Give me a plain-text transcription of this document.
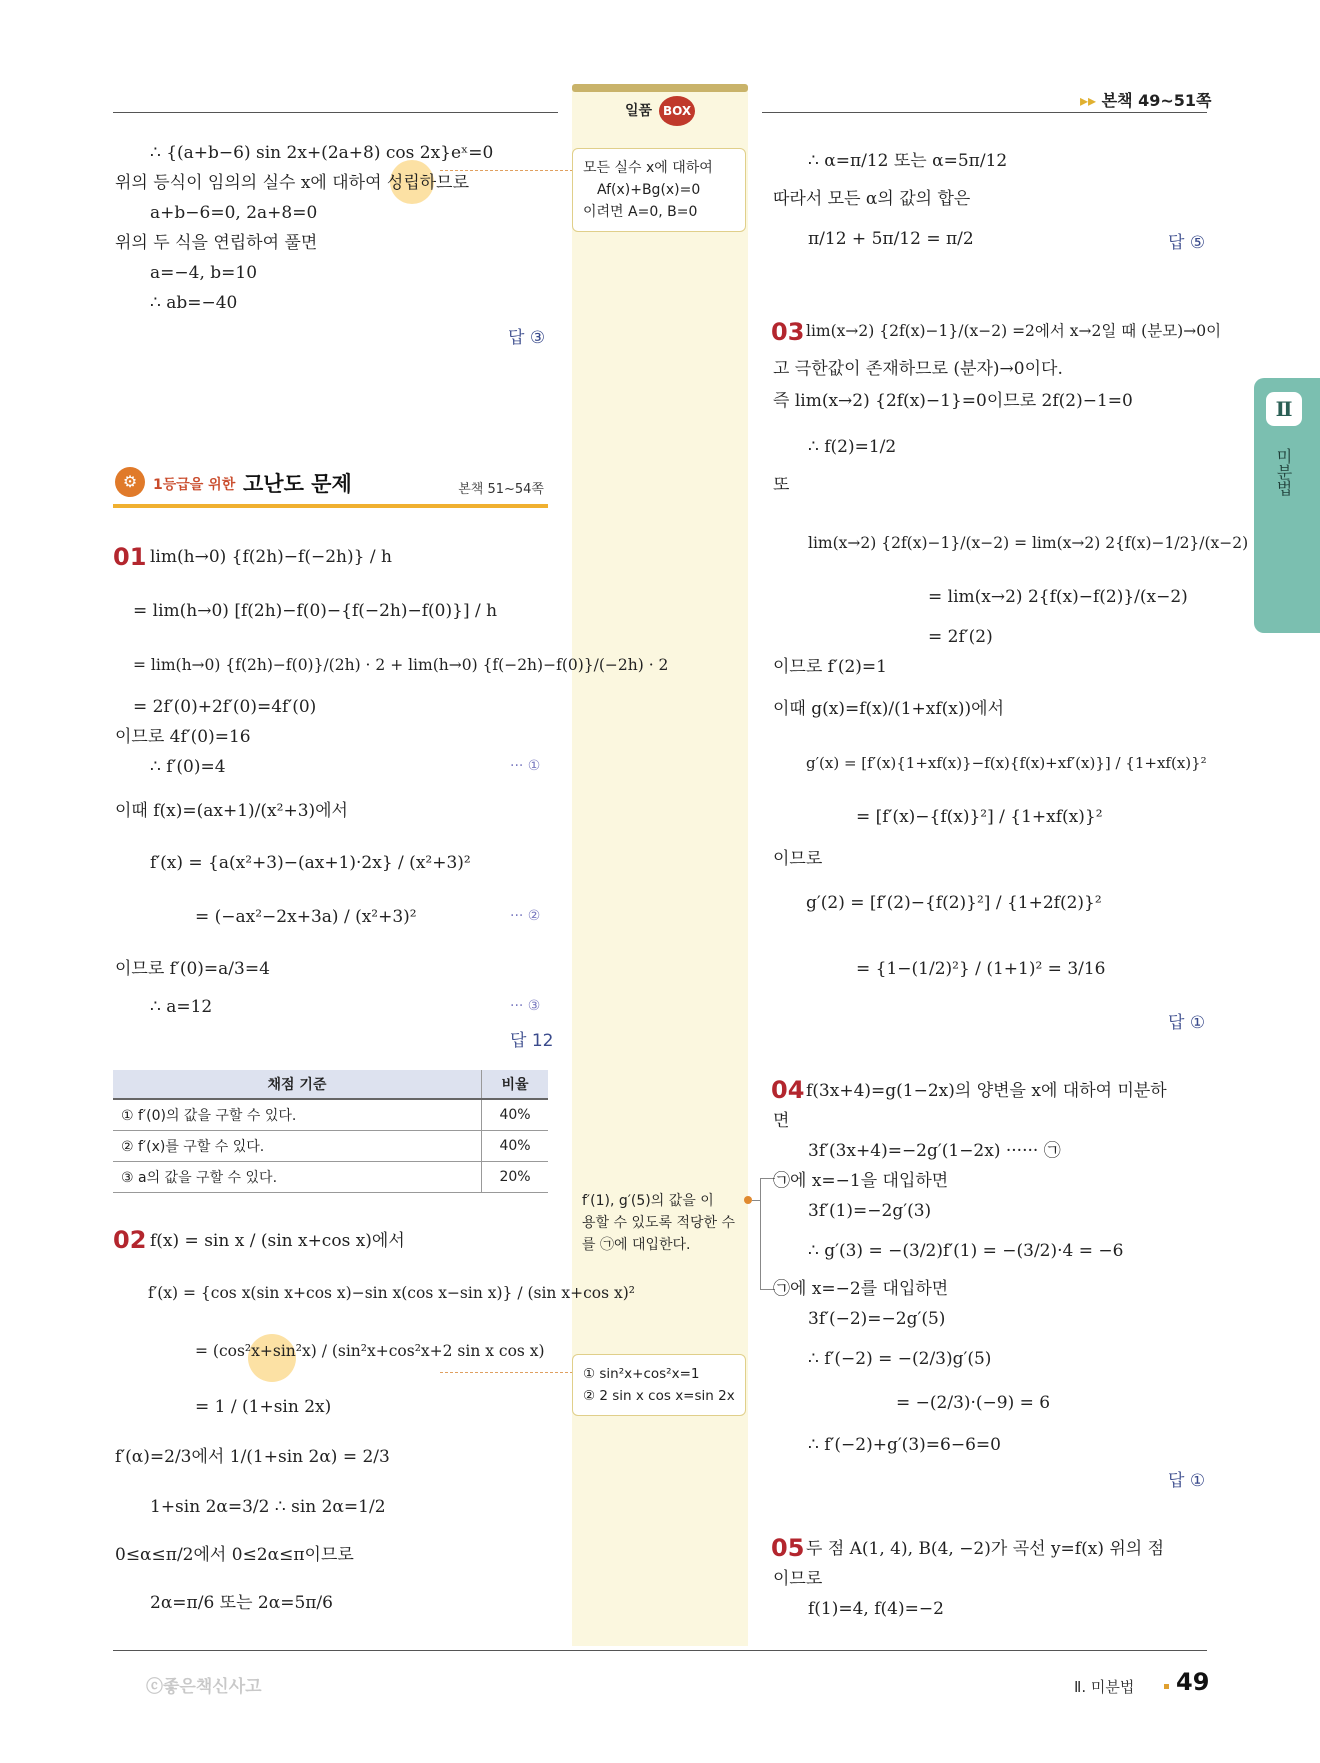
일품 BOX
▸▸ 본책 49~51쪽
Ⅱ
미분법
∴ {(a+b−6) sin 2x+(2a+8) cos 2x}eˣ=0
위의 등식이 임의의 실수 x에 대하여 성립하므로
a+b−6=0, 2a+8=0
위의 두 식을 연립하여 풀면
a=−4, b=10
∴ ab=−40
답 ③
⚙	1등급을 위한 고난도 문제	본책 51~54쪽
01 lim(h→0) {f(2h)−f(−2h)} / h
= lim(h→0) [f(2h)−f(0)−{f(−2h)−f(0)}] / h
= lim(h→0) {f(2h)−f(0)}/(2h) · 2 + lim(h→0) {f(−2h)−f(0)}/(−2h) · 2
= 2f′(0)+2f′(0)=4f′(0)
이므로 4f′(0)=16
∴ f′(0)=4	··· ①
이때 f(x)=(ax+1)/(x²+3)에서
f′(x) = {a(x²+3)−(ax+1)·2x} / (x²+3)²
= (−ax²−2x+3a) / (x²+3)²	··· ②
이므로 f′(0)=a/3=4
∴ a=12	··· ③
답 12
채점 기준	비율
① f′(0)의 값을 구할 수 있다.	40%
② f′(x)를 구할 수 있다.	40%
③ a의 값을 구할 수 있다.	20%
02 f(x) = sin x / (sin x+cos x)에서
f′(x) = {cos x(sin x+cos x)−sin x(cos x−sin x)} / (sin x+cos x)²
= (cos²x+sin²x) / (sin²x+cos²x+2 sin x cos x)
= 1 / (1+sin 2x)
f′(α)=2/3에서 1/(1+sin 2α) = 2/3
1+sin 2α=3/2 ∴ sin 2α=1/2
0≤α≤π/2에서 0≤2α≤π이므로
2α=π/6 또는 2α=5π/6
모든 실수 x에 대하여
Af(x)+Bg(x)=0
이려면 A=0, B=0
f′(1), g′(5)의 값을 이
용할 수 있도록 적당한 수
를 ㉠에 대입한다.
① sin²x+cos²x=1
② 2 sin x cos x=sin 2x
∴ α=π/12 또는 α=5π/12
따라서 모든 α의 값의 합은
π/12 + 5π/12 = π/2	답 ⑤
03 lim(x→2) {2f(x)−1}/(x−2) =2에서 x→2일 때 (분모)→0이
고 극한값이 존재하므로 (분자)→0이다.
즉 lim(x→2) {2f(x)−1}=0이므로 2f(2)−1=0
∴ f(2)=1/2
또
lim(x→2) {2f(x)−1}/(x−2) = lim(x→2) 2{f(x)−1/2}/(x−2)
= lim(x→2) 2{f(x)−f(2)}/(x−2)
= 2f′(2)
이므로 f′(2)=1
이때 g(x)=f(x)/(1+xf(x))에서
g′(x) = [f′(x){1+xf(x)}−f(x){f(x)+xf′(x)}] / {1+xf(x)}²
= [f′(x)−{f(x)}²] / {1+xf(x)}²
이므로
g′(2) = [f′(2)−{f(2)}²] / {1+2f(2)}²
= {1−(1/2)²} / (1+1)² = 3/16
답 ①
04 f(3x+4)=g(1−2x)의 양변을 x에 대하여 미분하
면
3f′(3x+4)=−2g′(1−2x) ······ ㉠
㉠에 x=−1을 대입하면
3f′(1)=−2g′(3)
∴ g′(3) = −(3/2)f′(1) = −(3/2)·4 = −6
㉠에 x=−2를 대입하면
3f′(−2)=−2g′(5)
∴ f′(−2) = −(2/3)g′(5)
= −(2/3)·(−9) = 6
∴ f′(−2)+g′(3)=6−6=0
답 ①
05 두 점 A(1, 4), B(4, −2)가 곡선 y=f(x) 위의 점
이므로
f(1)=4, f(4)=−2
ⓒ좋은책신사고	Ⅱ. 미분법 49
